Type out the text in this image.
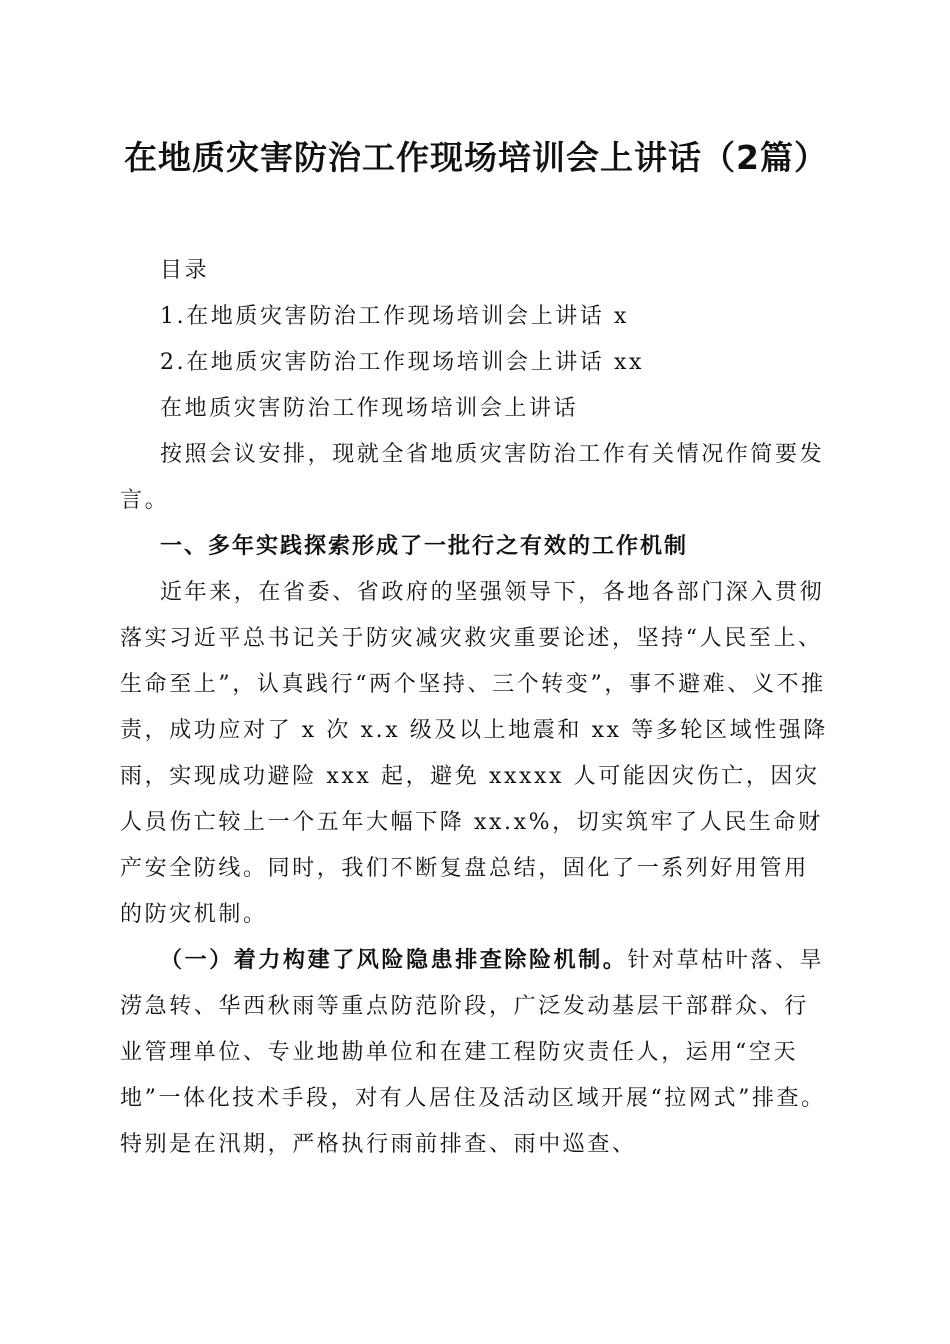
在地质灾害防治工作现场培训会上讲话（2篇）

目录

1.在地质灾害防治工作现场培训会上讲话 x

2.在地质灾害防治工作现场培训会上讲话 xx

在地质灾害防治工作现场培训会上讲话

按照会议安排，现就全省地质灾害防治工作有关情况作简要发言。

一、多年实践探索形成了一批行之有效的工作机制

近年来，在省委、省政府的坚强领导下，各地各部门深入贯彻落实习近平总书记关于防灾减灾救灾重要论述，坚持“人民至上、生命至上”，认真践行“两个坚持、三个转变”，事不避难、义不推责，成功应对了 x 次 x.x 级及以上地震和 xx 等多轮区域性强降雨，实现成功避险 xxx 起，避免 xxxxx 人可能因灾伤亡，因灾人员伤亡较上一个五年大幅下降 xx.x%，切实筑牢了人民生命财产安全防线。同时，我们不断复盘总结，固化了一系列好用管用的防灾机制。

（一）着力构建了风险隐患排查除险机制。针对草枯叶落、旱涝急转、华西秋雨等重点防范阶段，广泛发动基层干部群众、行业管理单位、专业地勘单位和在建工程防灾责任人，运用“空天地”一体化技术手段，对有人居住及活动区域开展“拉网式”排查。特别是在汛期，严格执行雨前排查、雨中巡查、
